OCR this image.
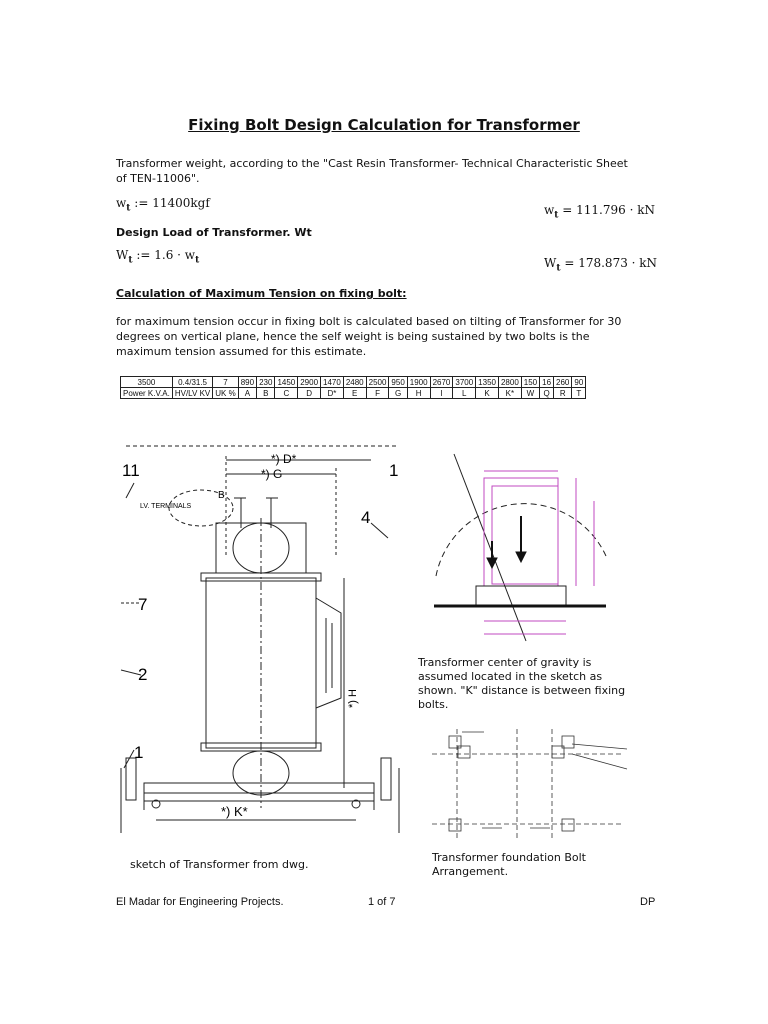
Fixing Bolt Design Calculation for Transformer
Transformer weight, according to the "Cast Resin Transformer- Technical Characteristic Sheet of TEN-11006".
$w_t$ := 11400kgf	$w_t = 111.796$ · kN
Design Load of Transformer. Wt
$W_t$ := $1.6 \cdot w_t$	$W_t = 178.873$ · kN
Calculation of Maximum Tension on fixing bolt:
for maximum tension occur in fixing bolt is calculated based on tilting of Transformer for 30 degrees on vertical plane, hence the self weight is being sustained by two bolts is the maximum tension assumed for this estimate.
3500	0.4/31.5	7	890	230	1450	2900	1470	2480	2500	950	1900	2670	3700	1350	2800	150	16	260	90
Power K.V.A.	HV/LV KV	UK %	A	B	C	D	D*	E	F	G	H	I	L	K	K*	W	Q	R	T
*) D*
*) G
LV. TERMINALS
B
11	1
4
7
2
1
*) K*
*) H
Transformer center of gravity is assumed located in the sketch as shown. "K" distance is between fixing bolts.
sketch of Transformer from dwg.
Transformer foundation Bolt Arrangement.
El Madar for Engineering Projects.	1 of 7	DP
